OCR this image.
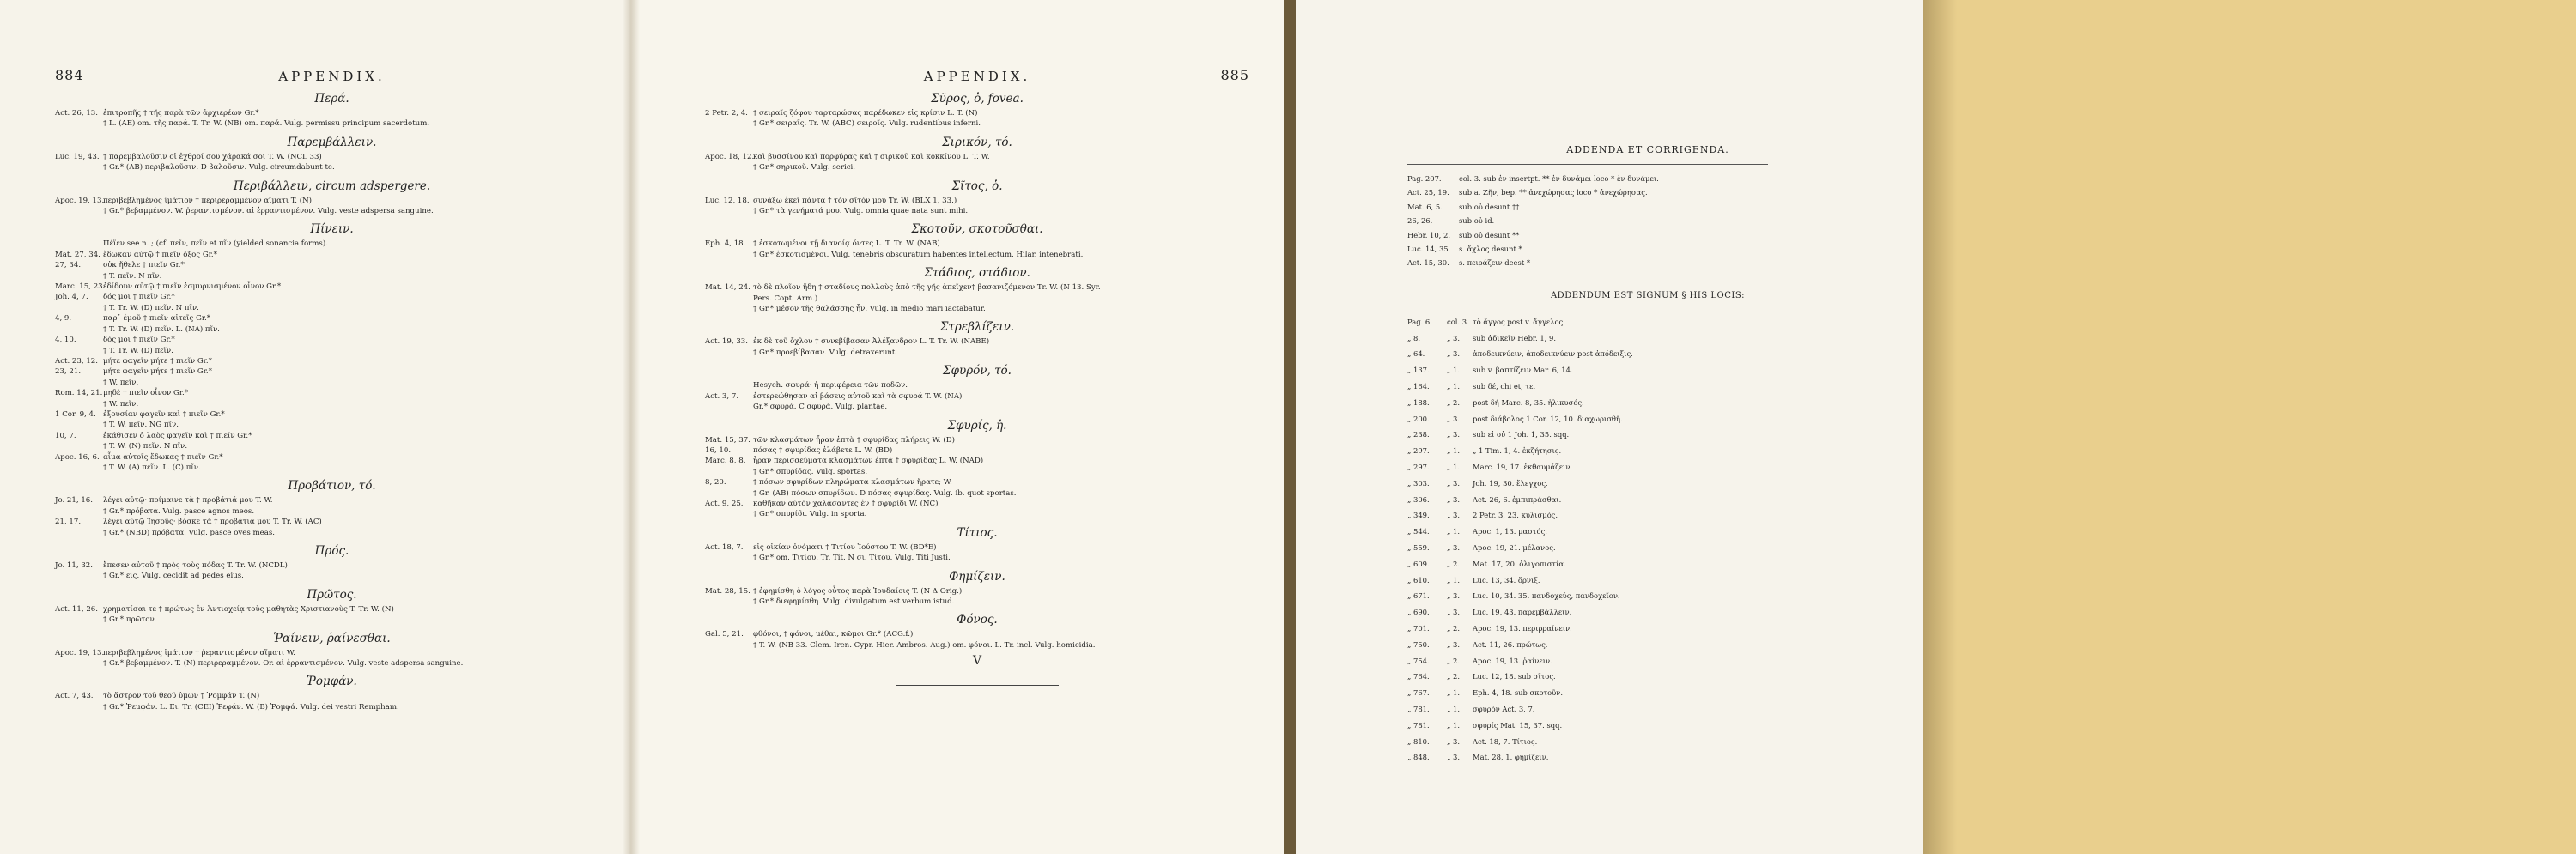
884	APPENDIX.
Περά.
Act. 26, 13. ἐπιτροπῆς † τῆς παρὰ τῶν ἀρχιερέων Gr.*
† L. (ΑΕ) om. τῆς παρά. T. Tr. W. (ΝΒ) om. παρά. Vulg. permissu principum sacerdotum.
Παρεμβάλλειν.
Luc. 19, 43. † παρεμβαλοῦσιν οἱ ἐχθροί σου χάρακά σοι T. W. (ΝCL 33)
† Gr.* (ΑΒ) περιβαλοῦσιν. D βαλοῦσιν. Vulg. circumdabunt te.
Περιβάλλειν, circum adspergere.
Apoc. 19, 13.περιβεβλημένος ἱμάτιον † περιρεραμμένον αἵματι T. (Ν)
† Gr.* βεβαμμένον. W. ῥεραντισμένον. αἱ ἐρραντισμένον. Vulg. veste adspersa sanguine.
Πίνειν.
Πέϊεν see n. ; (cf. πεῖν, πεῖν et πῖν (yielded sonancia forms).
Mat. 27, 34. ἔδωκαν αὐτῷ † πιεῖν ὄξος Gr.*
27, 34.	οὐκ ἤθελε † πιεῖν Gr.*
† T. πεῖν. Ν πῖν.
Marc. 15, 23.ἐδίδουν αὐτῷ † πιεῖν ἐσμυρνισμένον οἶνον Gr.*
Joh. 4, 7. δός μοι † πιεῖν Gr.*
† T. Tr. W. (D) πεῖν. Ν πῖν.
4, 9.	παρ᾽ ἐμοῦ † πιεῖν αἰτεῖς Gr.*
† T. Tr. W. (D) πεῖν. L. (ΝΑ) πῖν.
4, 10.	δός μοι † πιεῖν Gr.*
† T. Tr. W. (D) πεῖν.
Act. 23, 12. μήτε φαγεῖν μήτε † πιεῖν Gr.*
23, 21.	μήτε φαγεῖν μήτε † πιεῖν Gr.*
† W. πεῖν.
Rom. 14, 21.μηδὲ † πιεῖν οἶνον Gr.*
† W. πεῖν.
1 Cor. 9, 4. ἐξουσίαν φαγεῖν καὶ † πιεῖν Gr.*
† T. W. πεῖν. ΝG πῖν.
10, 7.	ἐκάθισεν ὁ λαὸς φαγεῖν καὶ † πιεῖν Gr.*
† T. W. (Ν) πεῖν. Ν πῖν.
Apoc. 16, 6. αἷμα αὐτοῖς ἔδωκας † πιεῖν Gr.*
† T. W. (Α) πεῖν. L. (C) πῖν.
Προβάτιον, τό.
Jo. 21, 16. λέγει αὐτῷ· ποίμαινε τὰ † προβάτιά μου T. W.
† Gr.* πρόβατα. Vulg. pasce agnos meos.
21, 17.	λέγει αὐτῷ Ἰησοῦς· βόσκε τὰ † προβάτιά μου T. Tr. W. (ΑC)
† Gr.* (ΝBD) πρόβατα. Vulg. pasce oves meas.
Πρός.
Jo. 11, 32. ἔπεσεν αὐτοῦ † πρὸς τοὺς πόδας T. Tr. W. (ΝCDL)
† Gr.* εἰς. Vulg. cecidit ad pedes eius.
Πρῶτος.
Act. 11, 26. χρηματίσαι τε † πρώτως ἐν Ἀντιοχείᾳ τοὺς μαθητὰς Χριστιανοὺς T. Tr. W. (Ν)
† Gr.* πρῶτον.
Ῥαίνειν, ῥαίνεσθαι.
Apoc. 19, 13.περιβεβλημένος ἱμάτιον † ῥεραντισμένον αἵματι W.
† Gr.* βεβαμμένον. T. (Ν) περιρεραμμένον. Or. αἱ ἐρραντισμένον. Vulg. veste adspersa sanguine.
Ῥομφάν.
Act. 7, 43. τὸ ἄστρον τοῦ θεοῦ ὑμῶν † Ῥομφάν T. (Ν)
† Gr.* Ῥεμφάν. L. Ει. Tr. (CΕΙ) Ῥεφάν. W. (Β) Ῥομφά. Vulg. dei vestri Rempham.
APPENDIX.	885
Σῦρος, ὁ, fovea.
2 Petr. 2, 4. † σειραῖς ζόφου ταρταρώσας παρέδωκεν εἰς κρίσιν L. T. (Ν)
† Gr.* σειραῖς. Tr. W. (ΑΒC) σειροῖς. Vulg. rudentibus inferni.
Σιρικόν, τό.
Apoc. 18, 12.καὶ βυσσίνου καὶ πορφύρας καὶ † σιρικοῦ καὶ κοκκίνου L. T. W.
† Gr.* σηρικοῦ. Vulg. serici.
Σῖτος, ὁ.
Luc. 12, 18. συνάξω ἐκεῖ πάντα † τὸν σῖτόν μου Tr. W. (ΒLX 1, 33.)
† Gr.* τὰ γενήματά μου. Vulg. omnia quae nata sunt mihi.
Σκοτοῦν, σκοτοῦσθαι.
Eph. 4, 18. † ἐσκοτωμένοι τῇ διανοίᾳ ὄντες L. T. Tr. W. (ΝΑΒ)
† Gr.* ἐσκοτισμένοι. Vulg. tenebris obscuratum habentes intellectum. Hilar. intenebrati.
Στάδιος, στάδιον.
Mat. 14, 24. τὸ δὲ πλοῖον ἤδη † σταδίους πολλοὺς ἀπὸ τῆς γῆς ἀπεῖχεν† βασανιζόμενον Tr. W. (Ν 13. Syr.
Pers. Copt. Arm.)
† Gr.* μέσον τῆς θαλάσσης ἦν. Vulg. in medio mari iactabatur.
Στρεβλίζειν.
Act. 19, 33. ἐκ δὲ τοῦ ὄχλου † συνεβίβασαν Ἀλέξανδρον L. T. Tr. W. (ΝΑΒΕ)
† Gr.* προεβίβασαν. Vulg. detraxerunt.
Σφυρόν, τό.
Hesych. σφυρά· ἡ περιφέρεια τῶν ποδῶν.
Act. 3, 7. ἐστερεώθησαν αἱ βάσεις αὐτοῦ καὶ τὰ σφυρά T. W. (ΝΑ)
Gr.* σφυρά. C σφυρά. Vulg. plantae.
Σφυρίς, ἡ.
Mat. 15, 37. τῶν κλασμάτων ἦραν ἑπτὰ † σφυρίδας πλήρεις W. (D)
16, 10.	πόσας † σφυρίδας ἐλάβετε L. W. (ΒD)
Marc. 8, 8. ἦραν περισσεύματα κλασμάτων ἑπτὰ † σφυρίδας L. W. (ΝΑD)
† Gr.* σπυρίδας. Vulg. sportas.
8, 20.	† πόσων σφυρίδων πληρώματα κλασμάτων ἤρατε; W.
† Gr. (ΑΒ) πόσων σπυρίδων. D πόσας σφυρίδας. Vulg. ib. quot sportas.
Act. 9, 25. καθῆκαν αὐτὸν χαλάσαντες ἐν † σφυρίδι W. (ΝC)
† Gr.* σπυρίδι. Vulg. in sporta.
Τίτιος.
Act. 18, 7. εἰς οἰκίαν ὀνόματι † Τιτίου Ἰούστου T. W. (ΒD*E)
† Gr.* om. Τιτίου. Tr. Tit. Ν σι. Τίτου. Vulg. Titi Justi.
Φημίζειν.
Mat. 28, 15. † ἐφημίσθη ὁ λόγος οὗτος παρὰ Ἰουδαίοις T. (Ν Δ Orig.)
† Gr.* διεφημίσθη. Vulg. divulgatum est verbum istud.
Φόνος.
Gal. 5, 21. φθόνοι, † φόνοι, μέθαι, κῶμοι Gr.* (ΑCG.f.)
† T. W. (ΝΒ 33. Clem. Iren. Cypr. Hier. Ambros. Aug.) om. φόνοι. L. Tr. incl. Vulg. homicidia.
V
ADDENDA ET CORRIGENDA.
Pag. 207. col. 3. sub ἐν insertpt. ** ἐν δυνάμει loco * ἐν δυνάμει.
Act. 25, 19. sub a. Ζῆν, bep. ** ἀνεχώρησας loco * ἀνεχώρησας.
Mat. 6, 5. sub οὐ desunt ††
26, 26.	sub οὐ id.
Hebr. 10, 2. sub οὐ desunt **
Luc. 14, 35. s. ἄχλος desunt *
Act. 15, 30. s. πειράζειν deest *
ADDENDUM EST SIGNUM § HIS LOCIS:
Pag. 6. col. 3. τὸ ἄγγος post v. ἄγγελος.
„ 8.	„ 3. sub ἀδικεῖν Hebr. 1, 9.
„ 64.	„ 3. ἀποδεικνύειν, ἀποδεικνύειν post ἀπόδειξις.
„ 137. „ 1. sub v. βαπτίζειν Mar. 6, 14.
„ 164. „ 1. sub δέ, chi et, τε.
„ 188. „ 2. post δή Marc. 8, 35. ἠλικυσός.
„ 200. „ 3. post διάβολος 1 Cor. 12, 10. διαχωρισθῆ.
„ 238. „ 3. sub εἰ οὐ 1 Joh. 1, 35. sqq.
„ 297. „ 1. „ 1 Tim. 1, 4. ἐκζήτησις.
„ 297. „ 1. Marc. 19, 17. ἐκθαυμάζειν.
„ 303. „ 3. Joh. 19, 30. ἔλεγχος.
„ 306. „ 3. Act. 26, 6. ἐμπιπράσθαι.
„ 349. „ 3. 2 Petr. 3, 23. κυλισμός.
„ 544. „ 1. Apoc. 1, 13. μαστός.
„ 559. „ 3. Apoc. 19, 21. μέλανος.
„ 609. „ 2. Mat. 17, 20. ὀλιγοπιστία.
„ 610. „ 1. Luc. 13, 34. ὄρνιξ.
„ 671. „ 3. Luc. 10, 34. 35. πανδοχεύς, πανδοχεῖον.
„ 690. „ 3. Luc. 19, 43. παρεμβάλλειν.
„ 701. „ 2. Apoc. 19, 13. περιρραίνειν.
„ 750. „ 3. Act. 11, 26. πρώτως.
„ 754. „ 2. Apoc. 19, 13. ῥαίνειν.
„ 764. „ 2. Luc. 12, 18. sub σῖτος.
„ 767. „ 1. Eph. 4, 18. sub σκοτοῦν.
„ 781. „ 1. σφυρόν Act. 3, 7.
„ 781. „ 1. σφυρίς Mat. 15, 37. sqq.
„ 810. „ 3. Act. 18, 7. Τίτιος.
„ 848. „ 3. Mat. 28, 1. φημίζειν.
